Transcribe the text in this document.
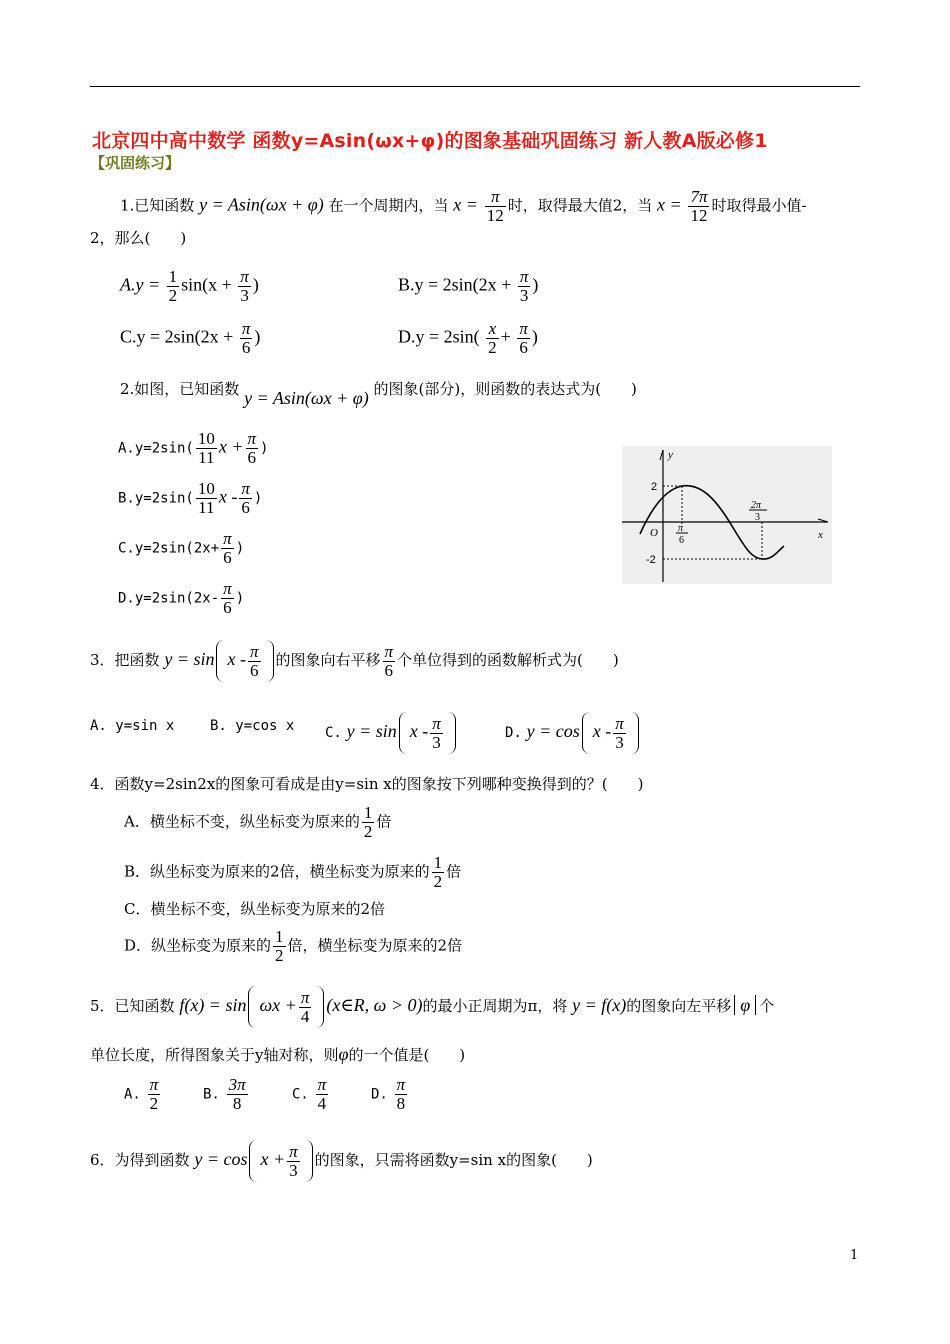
北京四中高中数学 函数y=Asin(ωx+φ)的图象基础巩固练习 新人教A版必修1
【巩固练习】
1.已知函数 y = Asin(ωx + φ) 在一个周期内，当 $x = \frac{\pi}{12}$ 时，取得最大值2，当 $x = \frac{7\pi}{12}$ 时取得最小值-
2，那么(　　)
$A.y = \frac{1}{2} \sin(x + \frac{\pi}{3}$ )	$B.y = 2\sin(2x + \frac{\pi}{3}$ )
$C.y = 2\sin(2x + \frac{\pi}{6}$ )	$D.y = 2\sin( \frac{x}{2} + \frac{\pi}{6}$ )
2.如图，已知函数 y = Asin(ωx + φ) 的图象(部分)，则函数的表达式为(　　)
$A.y=2\sin( \frac{10}{11}$ $x + \frac{\pi}{6}$ )
$B.y=2\sin( \frac{10}{11}$ x - $\frac{\pi}{6}$ )
$C.y=2\sin(2x+ \frac{\pi}{6}$ )
$D.y=2\sin(2x- \frac{\pi}{6}$ )
y
x
O
2
-2
π
6
2π
3
3．把函数 $y = \sin x - \frac{\pi}{6}$ 的图象向右平移 $\frac{\pi}{6}$ 个单位得到的函数解析式为(　　)
A. y=sin x	B. y=cos x C. $y = \sin x - \frac{\pi}{3}$	D. $y = \cos x - \frac{\pi}{3}$
4．函数y=2sin2x的图象可看成是由y=sin x的图象按下列哪种变换得到的？(　　)
A．横坐标不变，纵坐标变为原来的 $\frac{1}{2}$ 倍
B．纵坐标变为原来的2倍，横坐标变为原来的 $\frac{1}{2}$ 倍
C．横坐标不变，纵坐标变为原来的2倍
D．纵坐标变为原来的 $\frac{1}{2}$ 倍，横坐标变为原来的2倍
5．已知函数 $f(x) = \sin \omega x + \frac{\pi}{4}$ (x∈R, ω > 0)的最小正周期为π，将 y = f(x)的图象向左平移 φ 个
单位长度，所得图象关于y轴对称，则φ的一个值是(　　)
A. $\frac{\pi}{2}$	B. $\frac{3\pi}{8}$	C. $\frac{\pi}{4}$	D. $\frac{\pi}{8}$
6．为得到函数 $y = \cos x + \frac{\pi}{3}$ 的图象，只需将函数y=sin x的图象(　　)
1
